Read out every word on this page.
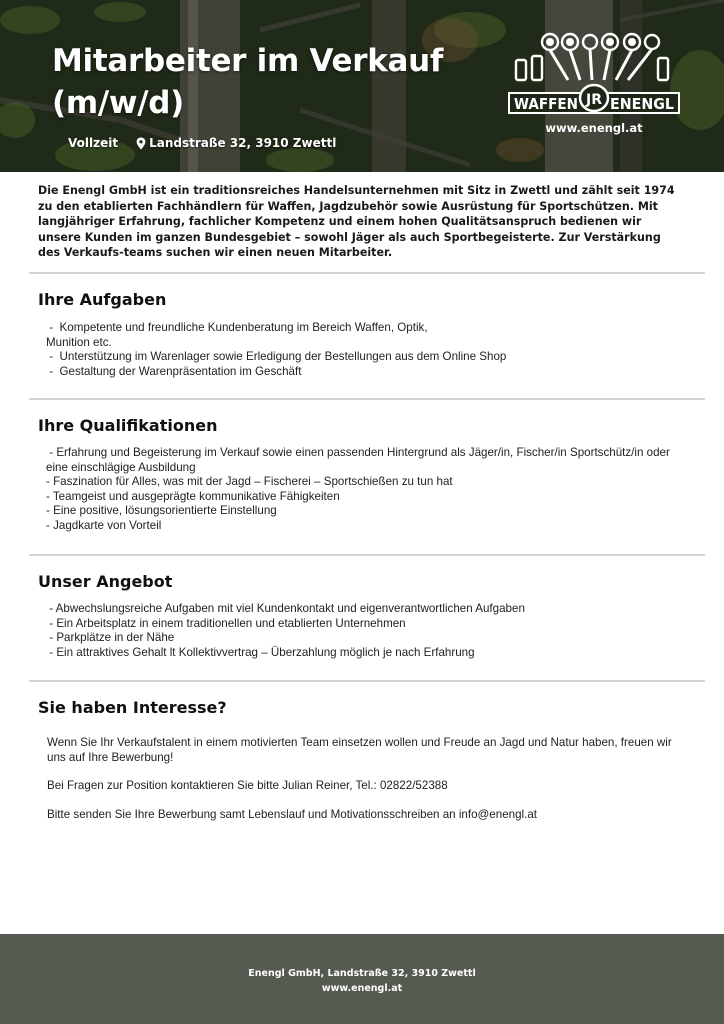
Mitarbeiter im Verkauf (m/w/d)
Vollzeit	Landstraße 32, 3910 Zwettl
JR
WAFFEN ENENGL
www.enengl.at

Die Enengl GmbH ist ein traditionsreiches Handelsunternehmen mit Sitz in Zwettl und zählt seit 1974 zu den etablierten Fachhändlern für Waffen, Jagdzubehör sowie Ausrüstung für Sportschützen. Mit langjähriger Erfahrung, fachlicher Kompetenz und einem hohen Qualitätsanspruch bedienen wir unsere Kunden im ganzen Bundesgebiet – sowohl Jäger als auch Sportbegeisterte. Zur Verstärkung des Verkaufs-teams suchen wir einen neuen Mitarbeiter.

Ihre Aufgaben
-  Kompetente und freundliche Kundenberatung im Bereich Waffen, Optik,
Munition etc.
-  Unterstützung im Warenlager sowie Erledigung der Bestellungen aus dem Online Shop
-  Gestaltung der Warenpräsentation im Geschäft
Ihre Qualifikationen
- Erfahrung und Begeisterung im Verkauf sowie einen passenden Hintergrund als Jäger/in, Fischer/in Sportschütz/in oder eine einschlägige Ausbildung
- Faszination für Alles, was mit der Jagd – Fischerei – Sportschießen zu tun hat
- Teamgeist und ausgeprägte kommunikative Fähigkeiten
- Eine positive, lösungsorientierte Einstellung
- Jagdkarte von Vorteil
Unser Angebot
- Abwechslungsreiche Aufgaben mit viel Kundenkontakt und eigenverantwortlichen Aufgaben
- Ein Arbeitsplatz in einem traditionellen und etablierten Unternehmen
- Parkplätze in der Nähe
- Ein attraktives Gehalt lt Kollektivvertrag – Überzahlung möglich je nach Erfahrung
Sie haben Interesse?

Wenn Sie Ihr Verkaufstalent in einem motivierten Team einsetzen wollen und Freude an Jagd und Natur haben, freuen wir uns auf Ihre Bewerbung!

Bei Fragen zur Position kontaktieren Sie bitte Julian Reiner, Tel.: 02822/52388

Bitte senden Sie Ihre Bewerbung samt Lebenslauf und Motivationsschreiben an info@enengl.at

Enengl GmbH, Landstraße 32, 3910 Zwettl
www.enengl.at
